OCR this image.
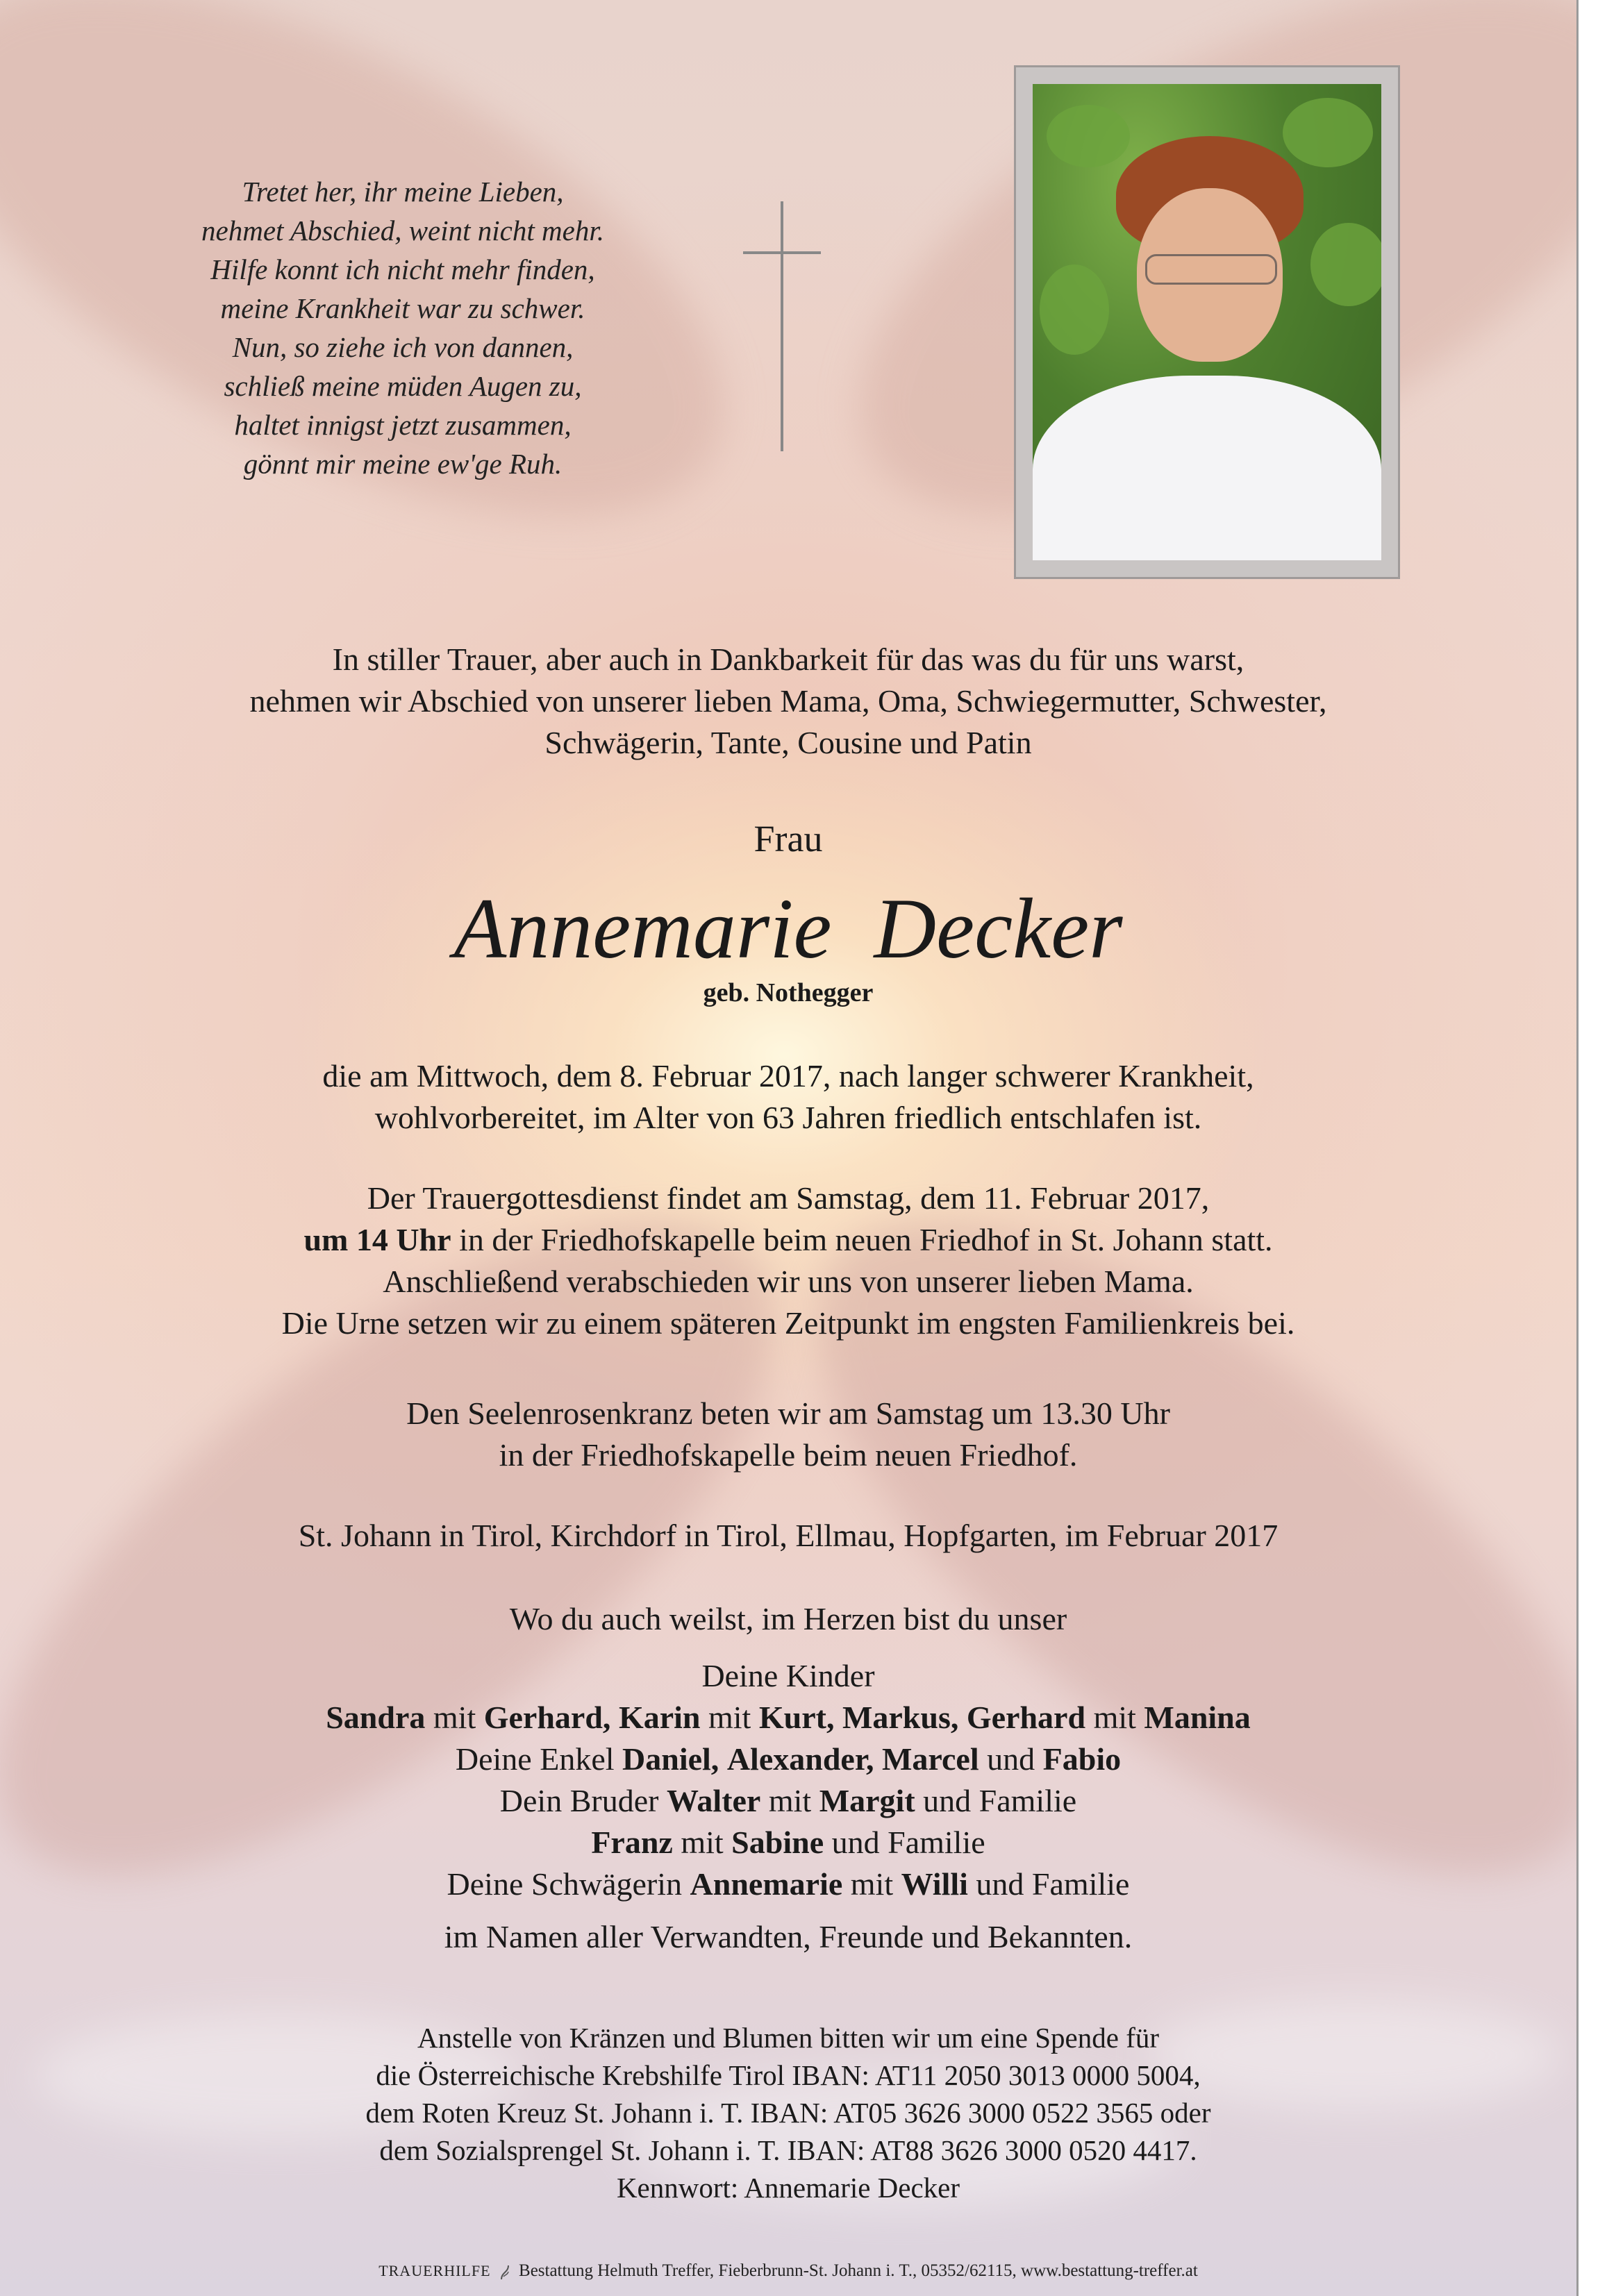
Tretet her, ihr meine Lieben,
nehmet Abschied, weint nicht mehr.
Hilfe konnt ich nicht mehr finden,
meine Krankheit war zu schwer.
Nun, so ziehe ich von dannen,
schließ meine müden Augen zu,
haltet innigst jetzt zusammen,
gönnt mir meine ew'ge Ruh.
In stiller Trauer, aber auch in Dankbarkeit für das was du für uns warst,
nehmen wir Abschied von unserer lieben Mama, Oma, Schwiegermutter, Schwester,
Schwägerin, Tante, Cousine und Patin
Frau
Annemarie Decker
geb. Nothegger
die am Mittwoch, dem 8. Februar 2017, nach langer schwerer Krankheit,
wohlvorbereitet, im Alter von 63 Jahren friedlich entschlafen ist.
Der Trauergottesdienst findet am Samstag, dem 11. Februar 2017,
um 14 Uhr in der Friedhofskapelle beim neuen Friedhof in St. Johann statt.
Anschließend verabschieden wir uns von unserer lieben Mama.
Die Urne setzen wir zu einem späteren Zeitpunkt im engsten Familienkreis bei.
Den Seelenrosenkranz beten wir am Samstag um 13.30 Uhr
in der Friedhofskapelle beim neuen Friedhof.
St. Johann in Tirol, Kirchdorf in Tirol, Ellmau, Hopfgarten, im Februar 2017
Wo du auch weilst, im Herzen bist du unser
Deine Kinder
Sandra mit Gerhard, Karin mit Kurt, Markus, Gerhard mit Manina
Deine Enkel Daniel, Alexander, Marcel und Fabio
Dein Bruder Walter mit Margit und Familie
Franz mit Sabine und Familie
Deine Schwägerin Annemarie mit Willi und Familie
im Namen aller Verwandten, Freunde und Bekannten.
Anstelle von Kränzen und Blumen bitten wir um eine Spende für
die Österreichische Krebshilfe Tirol IBAN: AT11 2050 3013 0000 5004,
dem Roten Kreuz St. Johann i. T. IBAN: AT05 3626 3000 0522 3565 oder
dem Sozialsprengel St. Johann i. T. IBAN: AT88 3626 3000 0520 4417.
Kennwort: Annemarie Decker
TRAUERHILFE Bestattung Helmuth Treffer, Fieberbrunn-St. Johann i. T., 05352/62115, www.bestattung-treffer.at
